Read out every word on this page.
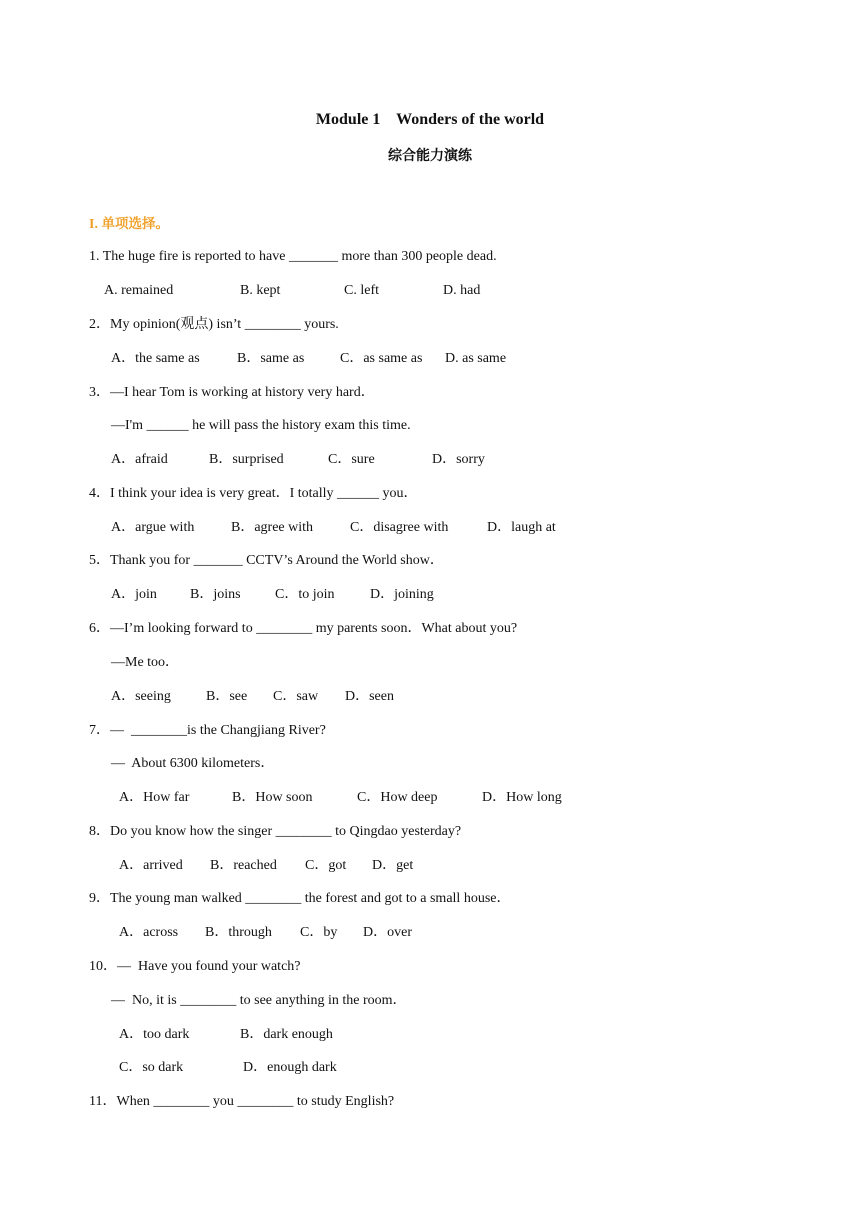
Module 1    Wonders of the world
综合能力演练
I. 单项选择。
1. The huge fire is reported to have _______ more than 300 people dead.
A. remained	B. kept	C. left	D. had
2．My opinion(观点) isn’t ________ yours.
A．the same as	B．same as	C．as same as D. as same
3．—I hear Tom is working at history very hard．
—I'm ______ he will pass the history exam this time.
A．afraid	B．surprised	C．sure	D．sorry
4．I think your idea is very great．I totally ______ you．
A．argue with	B．agree with	C．disagree with	D．laugh at
5．Thank you for _______ CCTV’s Around the World show．
A．join B．joins C．to join	D．joining
6．—I’m looking forward to ________ my parents soon．What about you?
—Me too．
A．seeing	B．see C．saw D．seen
7．—  ________is the Changjiang River?
—  About 6300 kilometers．
A．How far	B．How soon	C．How deep	D．How long
8．Do you know how the singer ________ to Qingdao yesterday?
A．arrived B．reached C．got D．get
9．The young man walked ________ the forest and got to a small house．
A．across B．through C．by D．over
10．—  Have you found your watch?
—  No, it is ________ to see anything in the room．
A．too dark	B．dark enough
C．so dark	D．enough dark
11．When ________ you ________ to study English?
